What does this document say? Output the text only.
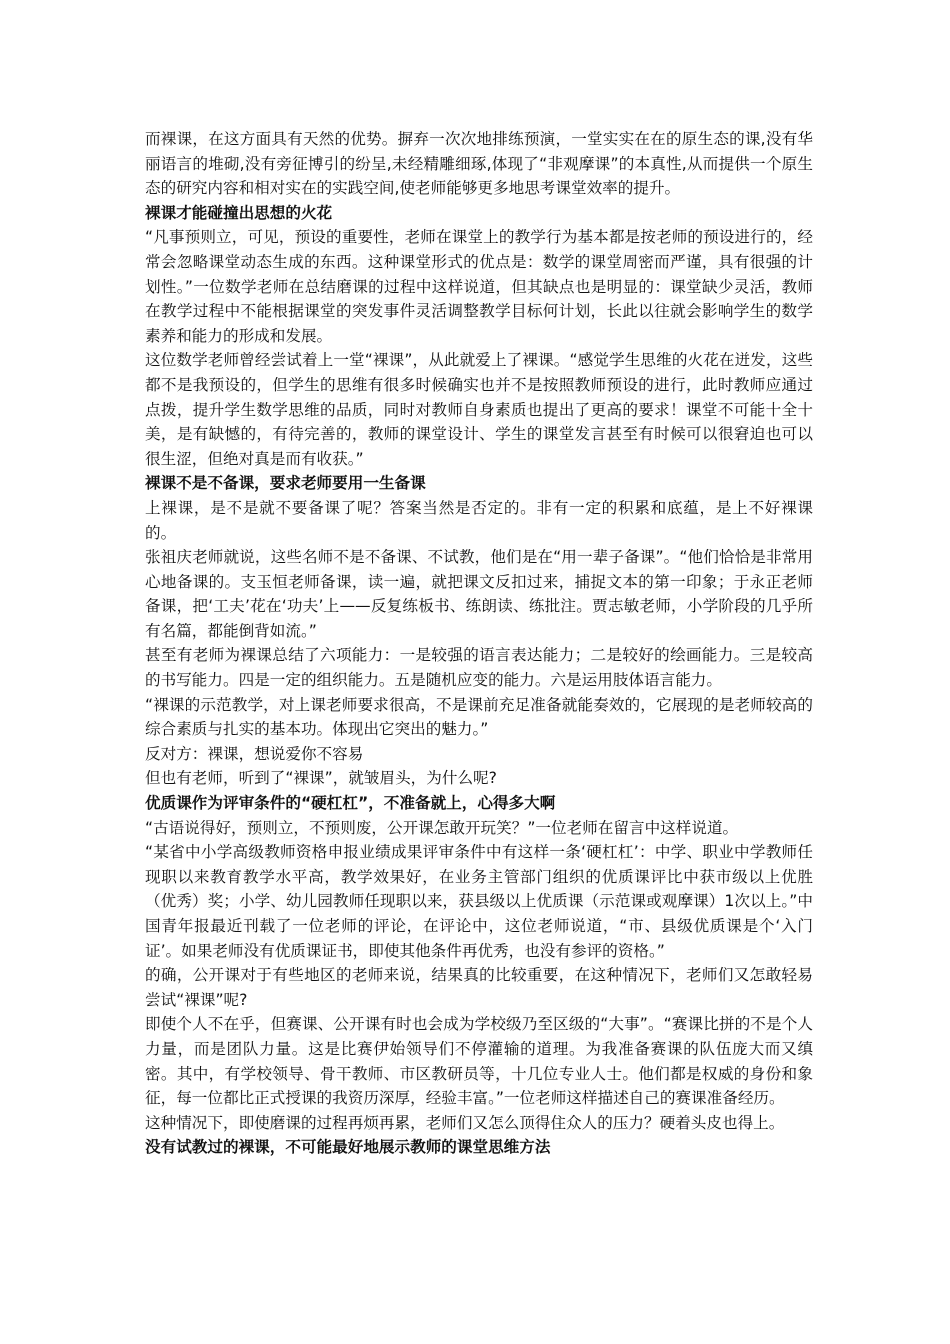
而裸课，在这方面具有天然的优势。摒弃一次次地排练预演，一堂实实在在的原生态的课,没有华丽语言的堆砌,没有旁征博引的纷呈,未经精雕细琢,体现了“非观摩课”的本真性,从而提供一个原生态的研究内容和相对实在的实践空间,使老师能够更多地思考课堂效率的提升。

裸课才能碰撞出思想的火花

“凡事预则立，可见，预设的重要性，老师在课堂上的教学行为基本都是按老师的预设进行的，经常会忽略课堂动态生成的东西。这种课堂形式的优点是：数学的课堂周密而严谨，具有很强的计划性。”一位数学老师在总结磨课的过程中这样说道，但其缺点也是明显的：课堂缺少灵活，教师在教学过程中不能根据课堂的突发事件灵活调整教学目标何计划，长此以往就会影响学生的数学素养和能力的形成和发展。

这位数学老师曾经尝试着上一堂“裸课”，从此就爱上了裸课。“感觉学生思维的火花在迸发，这些都不是我预设的，但学生的思维有很多时候确实也并不是按照教师预设的进行，此时教师应通过点拨，提升学生数学思维的品质，同时对教师自身素质也提出了更高的要求！课堂不可能十全十美，是有缺憾的，有待完善的，教师的课堂设计、学生的课堂发言甚至有时候可以很窘迫也可以很生涩，但绝对真是而有收获。”

裸课不是不备课，要求老师要用一生备课

上裸课，是不是就不要备课了呢？答案当然是否定的。非有一定的积累和底蕴，是上不好裸课的。

张祖庆老师就说，这些名师不是不备课、不试教，他们是在“用一辈子备课”。“他们恰恰是非常用心地备课的。支玉恒老师备课，读一遍，就把课文反扣过来，捕捉文本的第一印象；于永正老师备课，把‘工夫’花在‘功夫’上——反复练板书、练朗读、练批注。贾志敏老师，小学阶段的几乎所有名篇，都能倒背如流。”

甚至有老师为裸课总结了六项能力：一是较强的语言表达能力；二是较好的绘画能力。三是较高的书写能力。四是一定的组织能力。五是随机应变的能力。六是运用肢体语言能力。

“裸课的示范教学，对上课老师要求很高，不是课前充足准备就能奏效的，它展现的是老师较高的综合素质与扎实的基本功。体现出它突出的魅力。”

反对方：裸课，想说爱你不容易

但也有老师，听到了“裸课”，就皱眉头，为什么呢?

优质课作为评审条件的“硬杠杠”，不准备就上，心得多大啊

“古语说得好，预则立，不预则废，公开课怎敢开玩笑？”一位老师在留言中这样说道。

“某省中小学高级教师资格申报业绩成果评审条件中有这样一条‘硬杠杠’：中学、职业中学教师任现职以来教育教学水平高，教学效果好，在业务主管部门组织的优质课评比中获市级以上优胜（优秀）奖；小学、幼儿园教师任现职以来，获县级以上优质课（示范课或观摩课）1次以上。”中国青年报最近刊载了一位老师的评论，在评论中，这位老师说道，“市、县级优质课是个‘入门证’。如果老师没有优质课证书，即使其他条件再优秀，也没有参评的资格。”

的确，公开课对于有些地区的老师来说，结果真的比较重要，在这种情况下，老师们又怎敢轻易尝试“裸课”呢?

即使个人不在乎，但赛课、公开课有时也会成为学校级乃至区级的“大事”。“赛课比拼的不是个人力量，而是团队力量。这是比赛伊始领导们不停灌输的道理。为我准备赛课的队伍庞大而又缜密。其中，有学校领导、骨干教师、市区教研员等，十几位专业人士。他们都是权威的身份和象征，每一位都比正式授课的我资历深厚，经验丰富。”一位老师这样描述自己的赛课准备经历。

这种情况下，即使磨课的过程再烦再累，老师们又怎么顶得住众人的压力？硬着头皮也得上。

没有试教过的裸课，不可能最好地展示教师的课堂思维方法
